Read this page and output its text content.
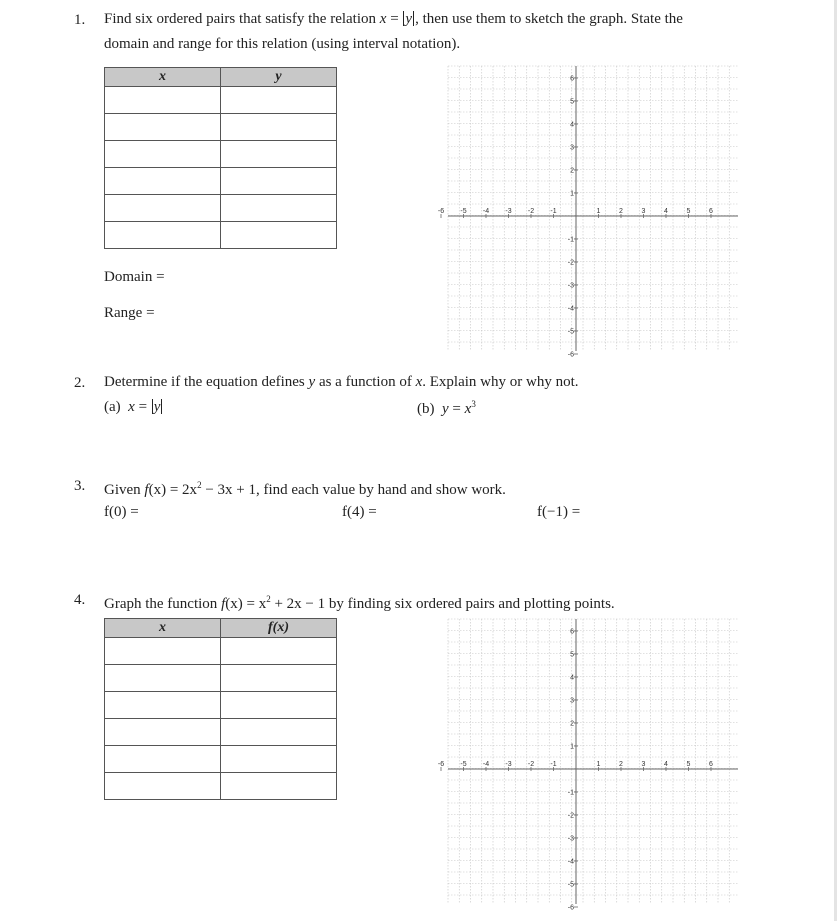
1. Find six ordered pairs that satisfy the relation x = y , then use them to sketch the graph. State the
domain and range for this relation (using interval notation).
x	y

Domain =
Range =
-6 -5 -4 -3 -2 -1	1	2	3	4	5	6
6
5
4
3
2
1
-1
-2
-3
-4
-5
-6
2. Determine if the equation defines y as a function of x. Explain why or why not.
(a) x = y	(b) $y = x^3$
3. Given $f(x) = 2x^2 - 3x + 1$, find each value by hand and show work.
f(0) =	f(4) =	f(−1) =
4. Graph the function $f(x) = x^2 + 2x - 1$ by finding six ordered pairs and plotting points.
x	f(x)

-6 -5 -4 -3 -2 -1	1	2	3	4	5	6
6
5
4
3
2
1
-1
-2
-3
-4
-5
-6
